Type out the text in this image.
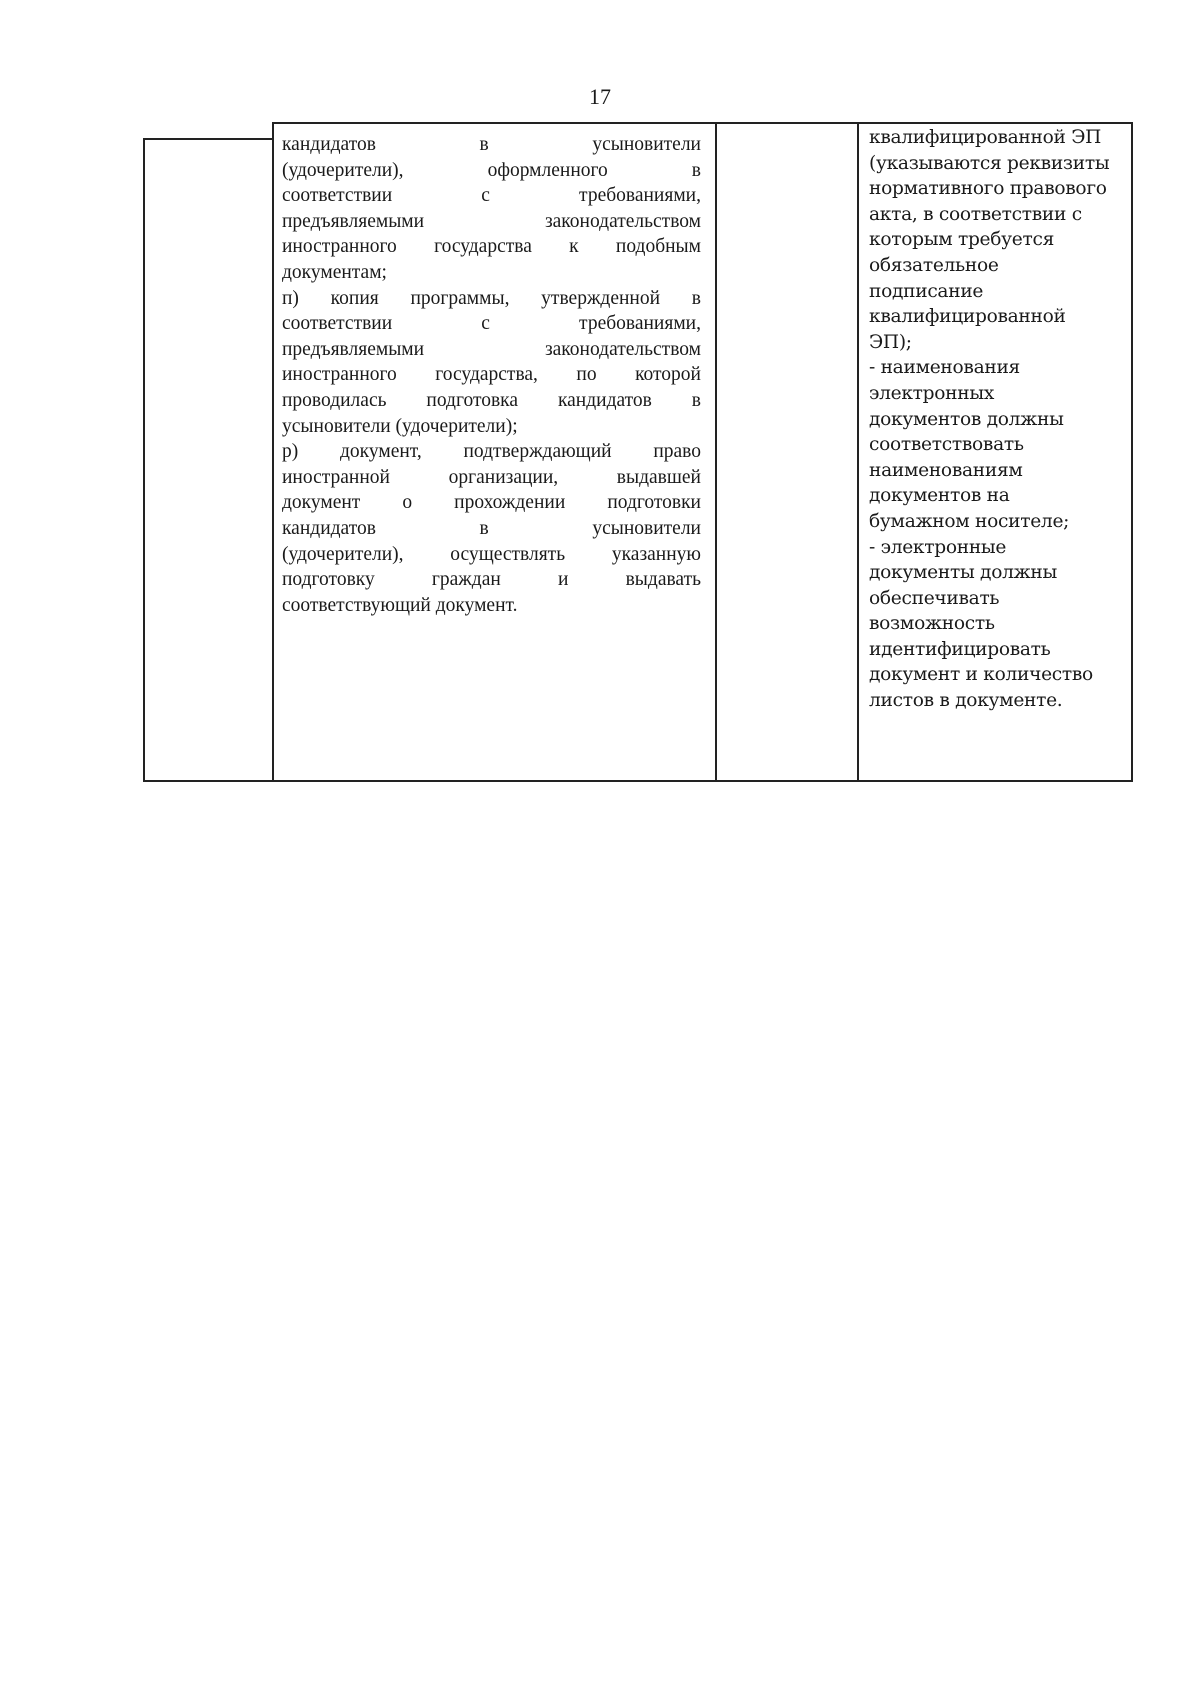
17

кандидатов в усыновители

(удочерители), оформленного в

соответствии с требованиями,

предъявляемыми законодательством

иностранного государства к подобным

документам;

п) копия программы, утвержденной в

соответствии с требованиями,

предъявляемыми законодательством

иностранного государства, по которой

проводилась подготовка кандидатов в

усыновители (удочерители);

р) документ, подтверждающий право

иностранной организации, выдавшей

документ о прохождении подготовки

кандидатов в усыновители

(удочерители), осуществлять указанную

подготовку граждан и выдавать

соответствующий документ.

квалифицированной ЭП
(указываются реквизиты
нормативного правового
акта, в соответствии с
которым требуется
обязательное
подписание
квалифицированной
ЭП);
- наименования
электронных
документов должны
соответствовать
наименованиям
документов на
бумажном носителе;
- электронные
документы должны
обеспечивать
возможность
идентифицировать
документ и количество
листов в документе.
